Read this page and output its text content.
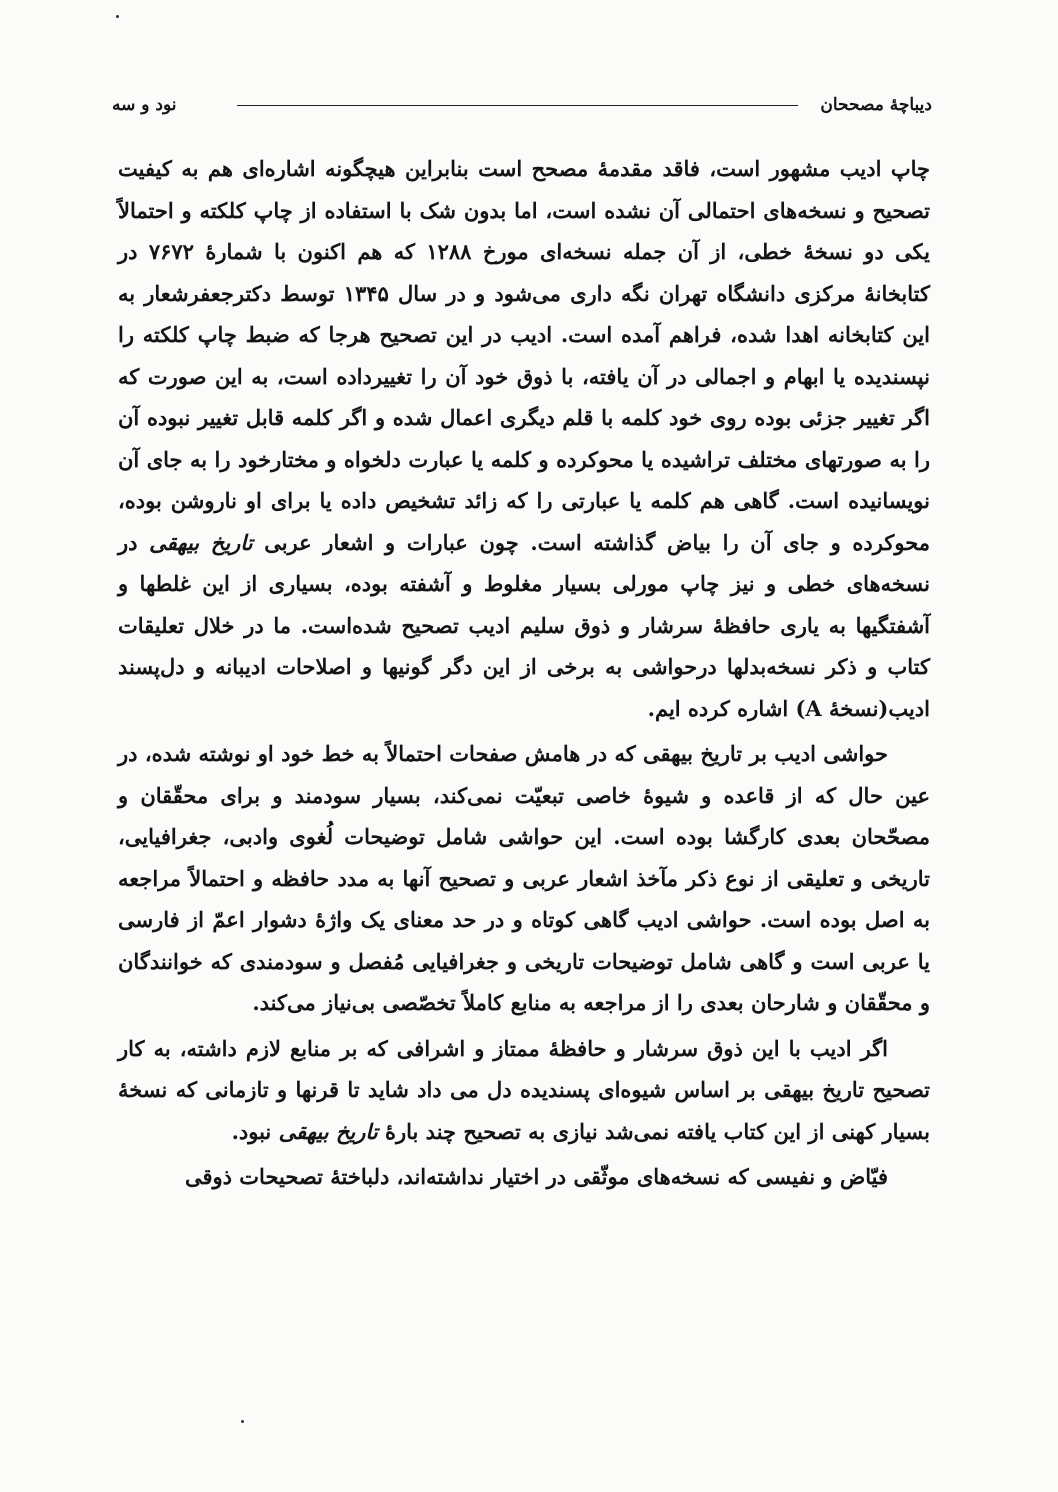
دیباچهٔ مصححان
نود و سه

چاپ ادیب مشهور است، فاقد مقدمهٔ مصحح است بنابراین هیچگونه اشاره‌ای هم به کیفیت تصحیح و نسخه‌های احتمالی آن نشده است، اما بدون شک با استفاده از چاپ کلکته و احتمالاً یکی دو نسخهٔ خطی، از آن جمله نسخه‌ای مورخ ۱۲۸۸ که هم اکنون با شمارهٔ ۷۶۷۲ در کتابخانهٔ مرکزی دانشگاه تهران نگه داری می‌شود و در سال ۱۳۴۵ توسط دکترجعفرشعار به این کتابخانه اهدا شده، فراهم آمده است. ادیب در این تصحیح هرجا که ضبط چاپ کلکته را نپسندیده یا ابهام و اجمالی در آن یافته، با ذوق خود آن را تغییرداده است، به این صورت که اگر تغییر جزئی بوده روی خود کلمه با قلم دیگری اعمال شده و اگر کلمه قابل تغییر نبوده آن را به صورتهای مختلف تراشیده یا محوکرده و کلمه یا عبارت دلخواه و مختارخود را به جای آن نویسانیده است. گاهی هم کلمه یا عبارتی را که زائد تشخیص داده یا برای او ناروشن بوده، محوکرده و جای آن را بیاض گذاشته است. چون عبارات و اشعار عربی تاریخ بیهقی در نسخه‌های خطی و نیز چاپ مورلی بسیار مغلوط و آشفته بوده، بسیاری از این غلطها و آشفتگیها به یاری حافظهٔ سرشار و ذوق سلیم ادیب تصحیح شده‌است. ما در خلال تعلیقات کتاب و ذکر نسخه‌بدلها درحواشی به برخی از این دگر گونیها و اصلاحات ادیبانه و دل‌پسند ادیب(نسخهٔ A) اشاره کرده ایم.

حواشی ادیب بر تاریخ بیهقی که در هامش صفحات احتمالاً به خط خود او نوشته شده، در عین حال که از قاعده و شیوهٔ خاصی تبعیّت نمی‌کند، بسیار سودمند و برای محقّقان و مصحّحان بعدی کارگشا بوده است. این حواشی شامل توضیحات لُغوی وادبی، جغرافیایی، تاریخی و تعلیقی از نوع ذکر مآخذ اشعار عربی و تصحیح آنها به مدد حافظه و احتمالاً مراجعه به اصل بوده است. حواشی ادیب گاهی کوتاه و در حد معنای یک واژهٔ دشوار اعمّ از فارسی یا عربی است و گاهی شامل توضیحات تاریخی و جغرافیایی مُفصل و سودمندی که خوانندگان و محقّقان و شارحان بعدی را از مراجعه به منابع کاملاً تخصّصی بی‌نیاز می‌کند.

اگر ادیب با این ذوق سرشار و حافظهٔ ممتاز و اشرافی که بر منابع لازم داشته، به کار تصحیح تاریخ بیهقی بر اساس شیوه‌ای پسندیده دل می داد شاید تا قرنها و تازمانی که نسخهٔ بسیار کهنی از این کتاب یافته نمی‌شد نیازی به تصحیح چند بارهٔ تاریخ بیهقی نبود.

فیّاض و نفیسی که نسخه‌های موثّقی در اختیار نداشته‌اند، دلباختهٔ تصحیحات ذوقی
